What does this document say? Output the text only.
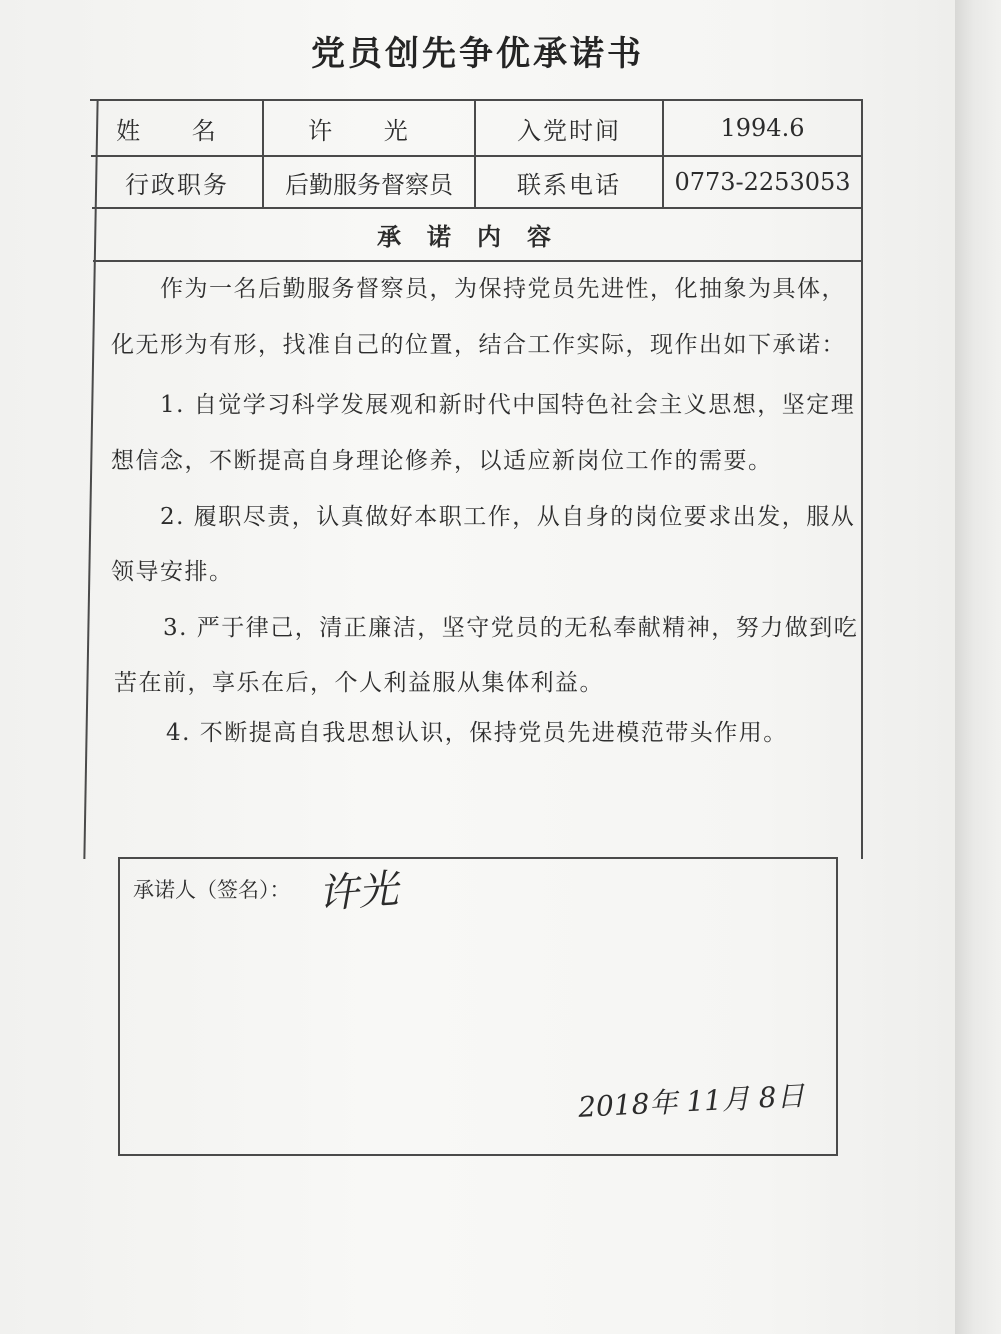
党员创先争优承诺书
姓 名	许 光	入党时间	1994.6
行政职务	后勤服务督察员	联系电话	0773-2253053
承诺内容
作为一名后勤服务督察员，为保持党员先进性，化抽象为具体，
化无形为有形，找准自己的位置，结合工作实际，现作出如下承诺：
1. 自觉学习科学发展观和新时代中国特色社会主义思想，坚定理
想信念，不断提高自身理论修养，以适应新岗位工作的需要。
2. 履职尽责，认真做好本职工作，从自身的岗位要求出发，服从
领导安排。
3. 严于律己，清正廉洁，坚守党员的无私奉献精神，努力做到吃
苦在前，享乐在后，个人利益服从集体利益。
4. 不断提高自我思想认识，保持党员先进模范带头作用。
承诺人（签名）： 许光
2018年 11月 8日
